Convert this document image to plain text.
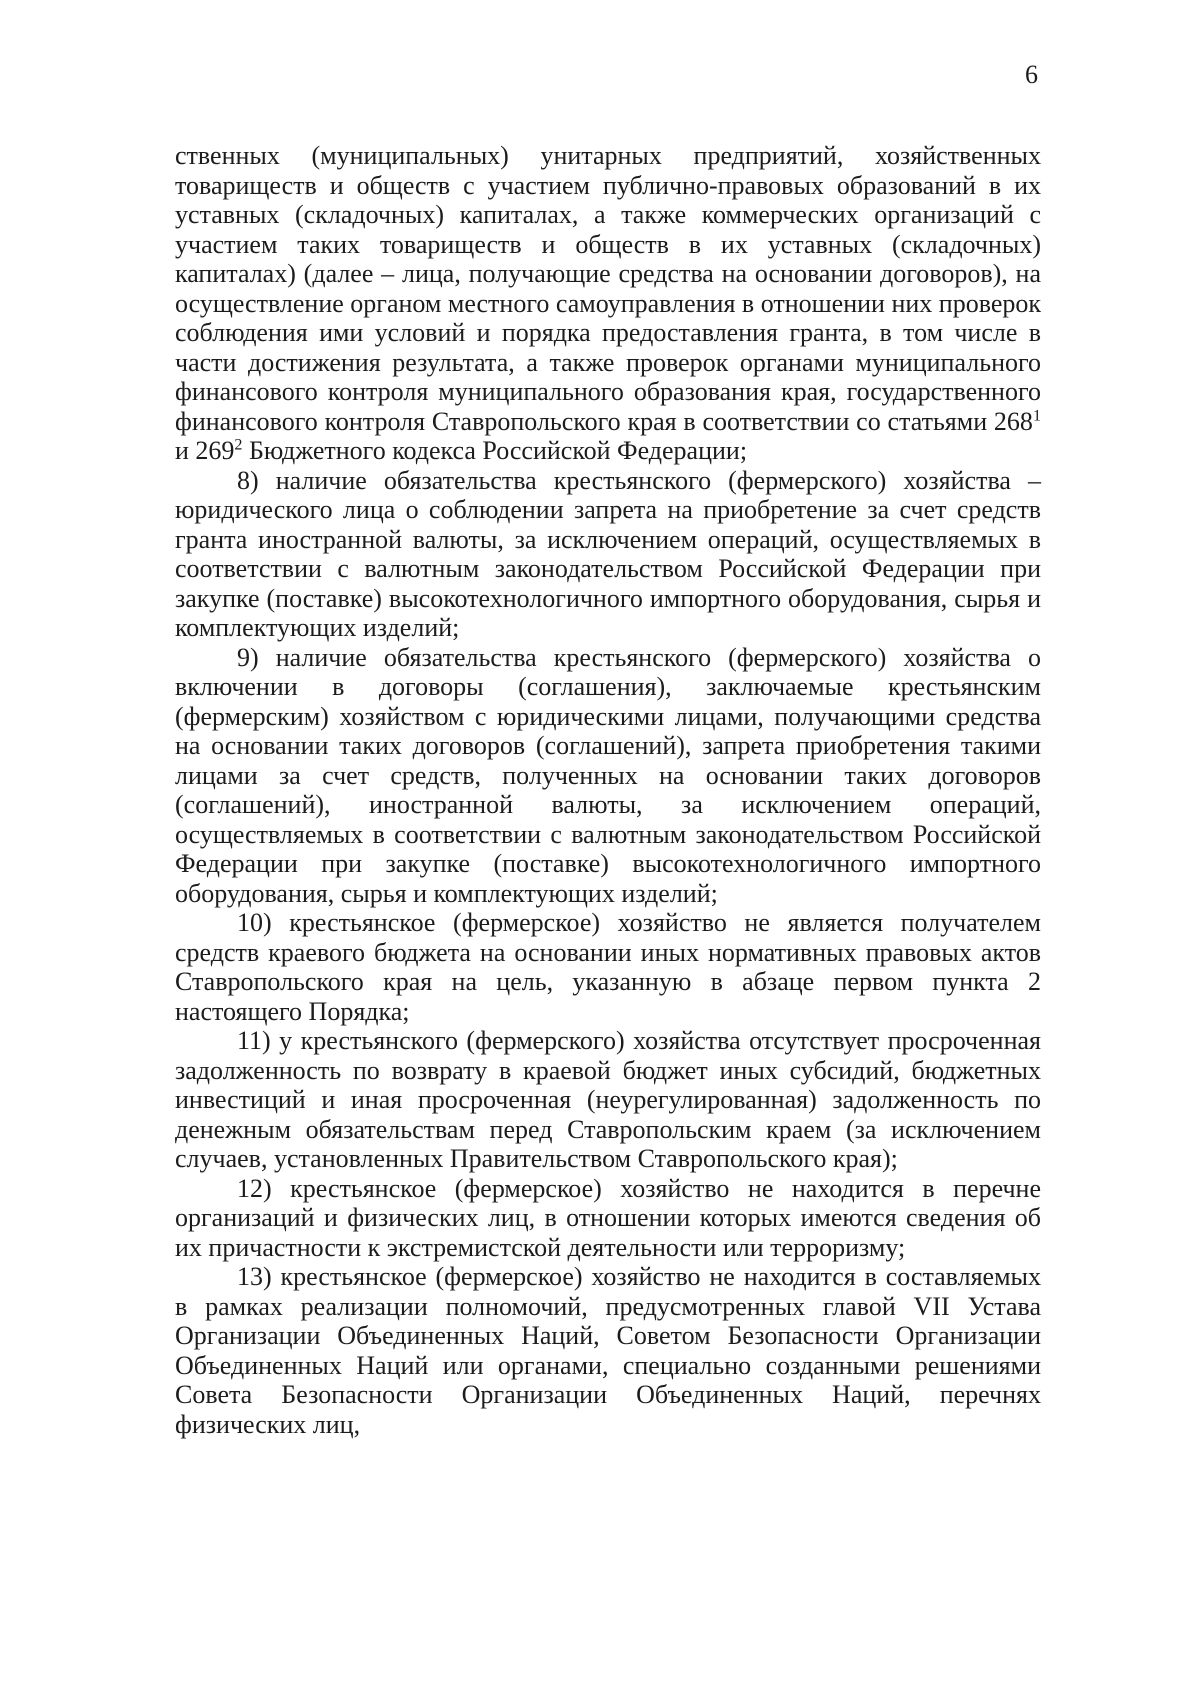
6

ственных (муниципальных) унитарных предприятий, хозяйственных товариществ и обществ с участием публично-правовых образований в их уставных (складочных) капиталах, а также коммерческих организаций с участием таких товариществ и обществ в их уставных (складочных) капиталах) (далее – лица, получающие средства на основании договоров), на осуществление органом местного самоуправления в отношении них проверок соблюдения ими условий и порядка предоставления гранта, в том числе в части достижения результата, а также проверок органами муниципального финансового контроля муниципального образования края, государственного финансового контроля Ставропольского края в соответствии со статьями $268^1$ и $269^2$ Бюджетного кодекса Российской Федерации;

8) наличие обязательства крестьянского (фермерского) хозяйства – юридического лица о соблюдении запрета на приобретение за счет средств гранта иностранной валюты, за исключением операций, осуществляемых в соответствии с валютным законодательством Российской Федерации при закупке (поставке) высокотехнологичного импортного оборудования, сырья и комплектующих изделий;

9) наличие обязательства крестьянского (фермерского) хозяйства о включении в договоры (соглашения), заключаемые крестьянским (фермерским) хозяйством с юридическими лицами, получающими средства на основании таких договоров (соглашений), запрета приобретения такими лицами за счет средств, полученных на основании таких договоров (соглашений), иностранной валюты, за исключением операций, осуществляемых в соответствии с валютным законодательством Российской Федерации при закупке (поставке) высокотехнологичного импортного оборудования, сырья и комплектующих изделий;

10) крестьянское (фермерское) хозяйство не является получателем средств краевого бюджета на основании иных нормативных правовых актов Ставропольского края на цель, указанную в абзаце первом пункта 2 настоящего Порядка;

11) у крестьянского (фермерского) хозяйства отсутствует просроченная задолженность по возврату в краевой бюджет иных субсидий, бюджетных инвестиций и иная просроченная (неурегулированная) задолженность по денежным обязательствам перед Ставропольским краем (за исключением случаев, установленных Правительством Ставропольского края);

12) крестьянское (фермерское) хозяйство не находится в перечне организаций и физических лиц, в отношении которых имеются сведения об их причастности к экстремистской деятельности или терроризму;

13) крестьянское (фермерское) хозяйство не находится в составляемых в рамках реализации полномочий, предусмотренных главой VII Устава Организации Объединенных Наций, Советом Безопасности Организации Объединенных Наций или органами, специально созданными решениями Совета Безопасности Организации Объединенных Наций, перечнях физических лиц,
